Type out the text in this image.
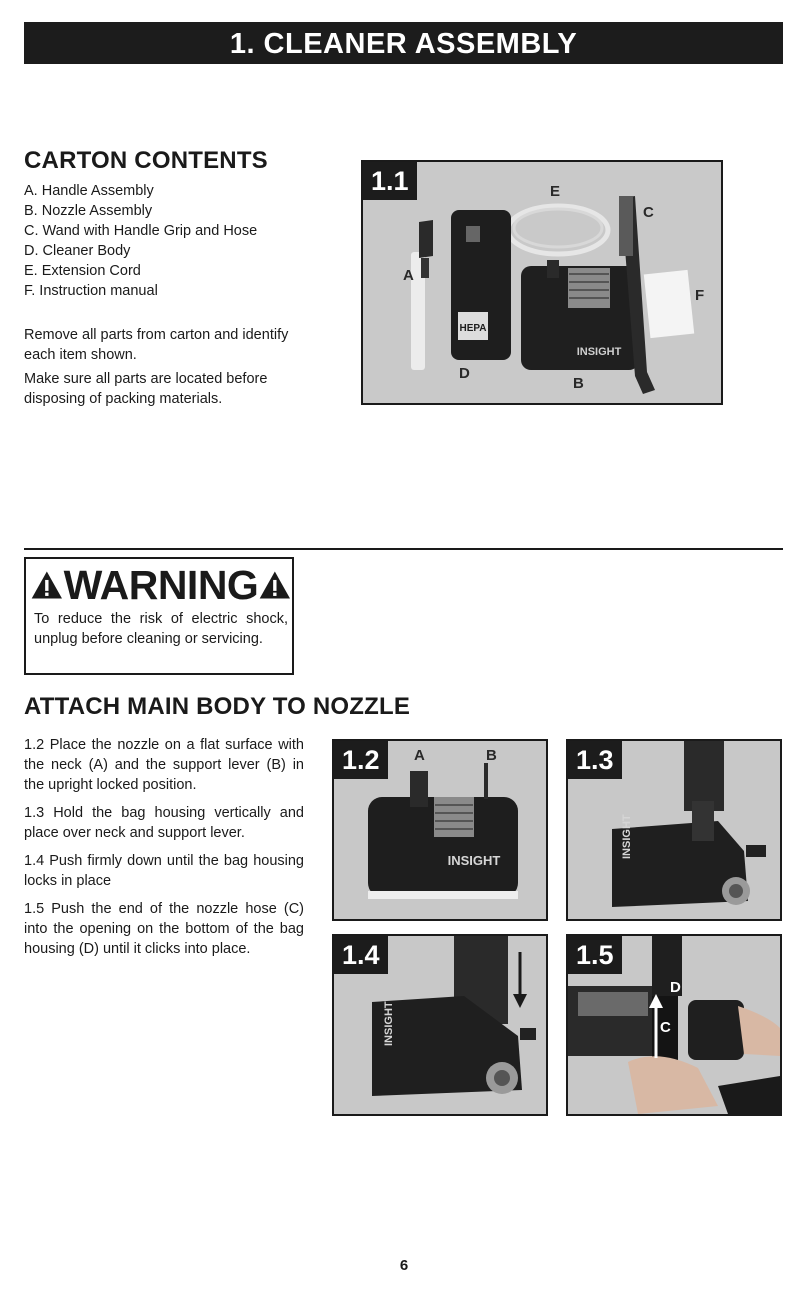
1. CLEANER ASSEMBLY
CARTON CONTENTS
A. Handle Assembly
B. Nozzle Assembly
C. Wand with Handle Grip and Hose
D. Cleaner Body
E. Extension Cord
F. Instruction manual
Remove all parts from carton and identify each item shown.
Make sure all parts are located before disposing of packing materials.
HEPA
INSIGHT
A
B
C
D
E
F
1.1
WARNING
To reduce the risk of electric shock, unplug before cleaning or servicing.
ATTACH MAIN BODY TO NOZZLE

1.2 Place the nozzle on a flat surface with the neck (A) and the support lever (B) in the upright locked position.

1.3 Hold the bag housing vertically and place over neck and support lever.

1.4 Push firmly down until the bag housing locks in place

1.5 Push the end of the nozzle hose (C) into the opening on the bottom of the bag housing (D) until it clicks into place.

INSIGHT
A	B
1.2
INSIGHT
1.3
INSIGHT
1.4
D
C
1.5
6
